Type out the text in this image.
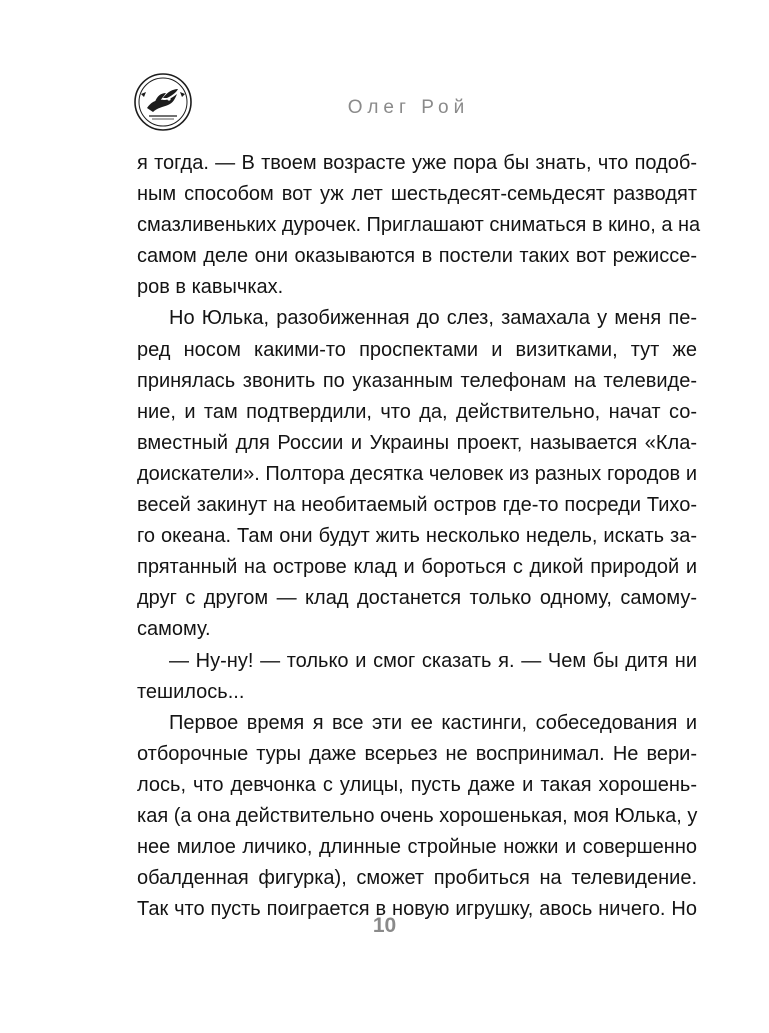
Олег Рой
я тогда. — В твоем возрасте уже пора бы знать, что подоб-
ным способом вот уж лет шестьдесят-семьдесят разводят
смазливеньких дурочек. Приглашают сниматься в кино, а на
самом деле они оказываются в постели таких вот режиссе-
ров в кавычках.
Но Юлька, разобиженная до слез, замахала у меня пе-
ред носом какими-то проспектами и визитками, тут же
принялась звонить по указанным телефонам на телевиде-
ние, и там подтвердили, что да, действительно, начат со-
вместный для России и Украины проект, называется «Кла-
доискатели». Полтора десятка человек из разных городов и
весей закинут на необитаемый остров где-то посреди Тихо-
го океана. Там они будут жить несколько недель, искать за-
прятанный на острове клад и бороться с дикой природой и
друг с другом — клад достанется только одному, самому-
самому.
— Ну-ну! — только и смог сказать я. — Чем бы дитя ни
тешилось...
Первое время я все эти ее кастинги, собеседования и
отборочные туры даже всерьез не воспринимал. Не вери-
лось, что девчонка с улицы, пусть даже и такая хорошень-
кая (а она действительно очень хорошенькая, моя Юлька, у
нее милое личико, длинные стройные ножки и совершенно
обалденная фигурка), сможет пробиться на телевидение.
Так что пусть поиграется в новую игрушку, авось ничего. Но
10
